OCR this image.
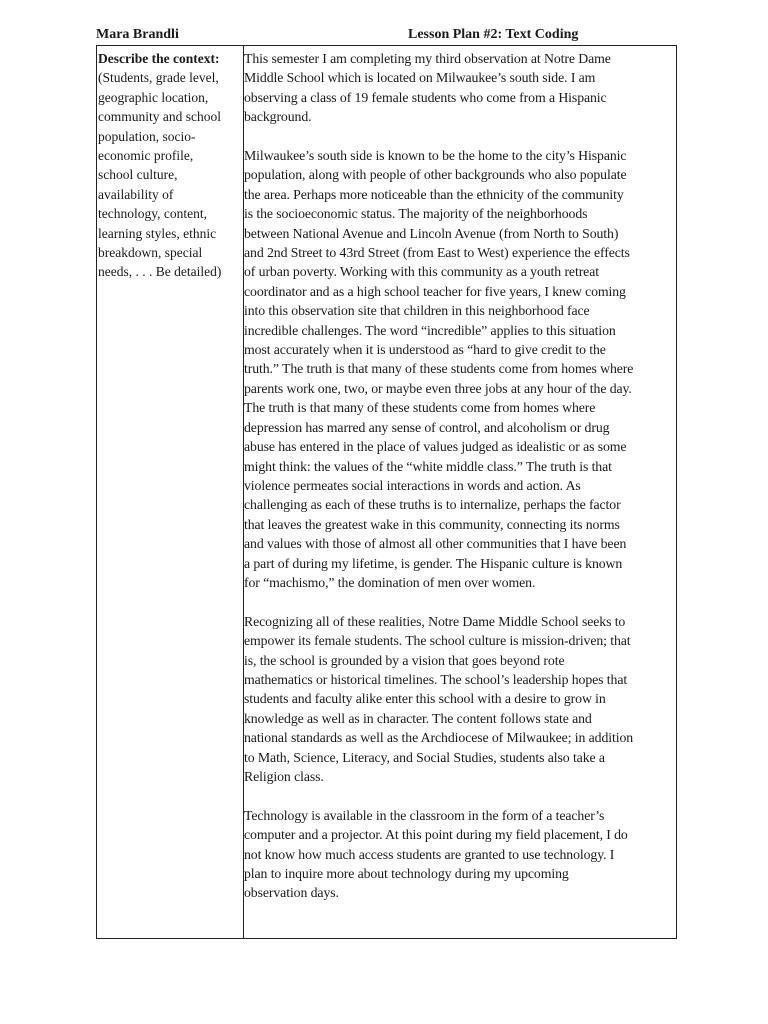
Mara Brandli	Lesson Plan #2: Text Coding
Describe the context:
(Students, grade level,
geographic location,
community and school
population, socio-
economic profile,
school culture,
availability of
technology, content,
learning styles, ethnic
breakdown, special
needs, . . . Be detailed)
This semester I am completing my third observation at Notre Dame
Middle School which is located on Milwaukee’s south side. I am
observing a class of 19 female students who come from a Hispanic
background.
Milwaukee’s south side is known to be the home to the city’s Hispanic
population, along with people of other backgrounds who also populate
the area. Perhaps more noticeable than the ethnicity of the community
is the socioeconomic status. The majority of the neighborhoods
between National Avenue and Lincoln Avenue (from North to South)
and 2nd Street to 43rd Street (from East to West) experience the effects
of urban poverty. Working with this community as a youth retreat
coordinator and as a high school teacher for five years, I knew coming
into this observation site that children in this neighborhood face
incredible challenges. The word “incredible” applies to this situation
most accurately when it is understood as “hard to give credit to the
truth.” The truth is that many of these students come from homes where
parents work one, two, or maybe even three jobs at any hour of the day.
The truth is that many of these students come from homes where
depression has marred any sense of control, and alcoholism or drug
abuse has entered in the place of values judged as idealistic or as some
might think: the values of the “white middle class.” The truth is that
violence permeates social interactions in words and action. As
challenging as each of these truths is to internalize, perhaps the factor
that leaves the greatest wake in this community, connecting its norms
and values with those of almost all other communities that I have been
a part of during my lifetime, is gender. The Hispanic culture is known
for “machismo,” the domination of men over women.
Recognizing all of these realities, Notre Dame Middle School seeks to
empower its female students. The school culture is mission-driven; that
is, the school is grounded by a vision that goes beyond rote
mathematics or historical timelines. The school’s leadership hopes that
students and faculty alike enter this school with a desire to grow in
knowledge as well as in character. The content follows state and
national standards as well as the Archdiocese of Milwaukee; in addition
to Math, Science, Literacy, and Social Studies, students also take a
Religion class.
Technology is available in the classroom in the form of a teacher’s
computer and a projector. At this point during my field placement, I do
not know how much access students are granted to use technology. I
plan to inquire more about technology during my upcoming
observation days.
